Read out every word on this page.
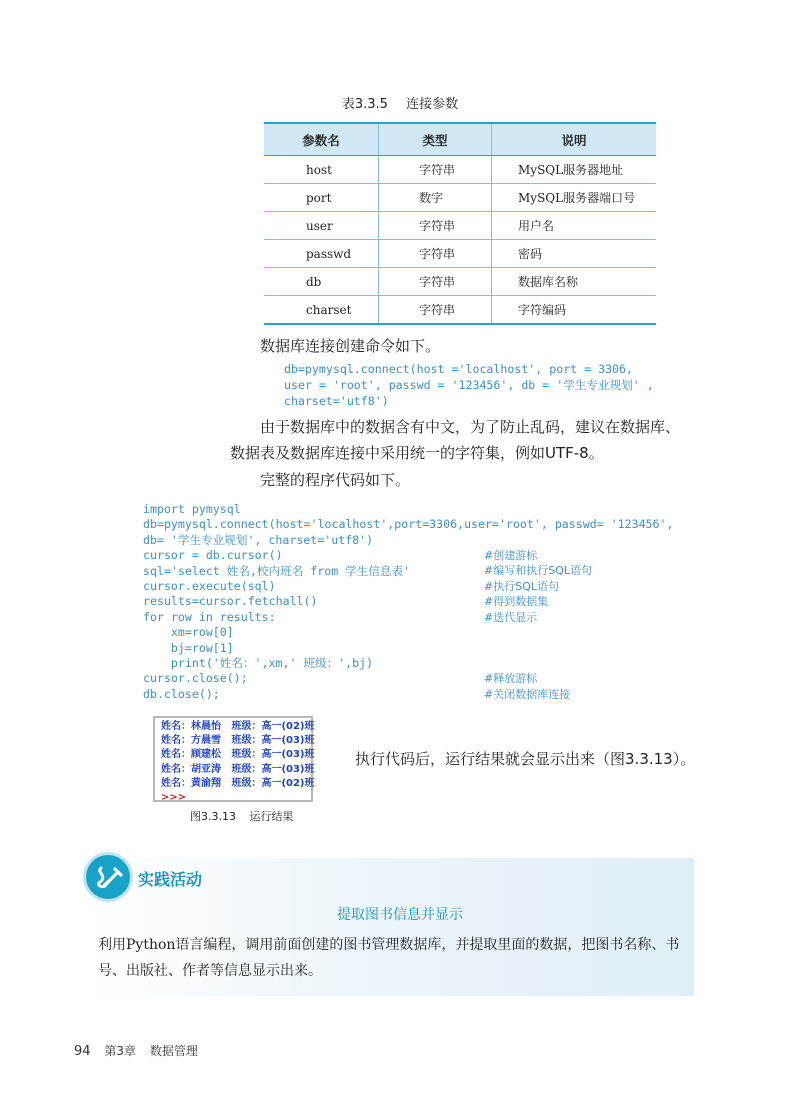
表3.3.5 连接参数
参数名	类型	说明
host	字符串	MySQL服务器地址
port	数字	MySQL服务器端口号
user	字符串	用户名
passwd	字符串	密码
db	字符串	数据库名称
charset	字符串	字符编码
数据库连接创建命令如下。
db=pymysql.connect(host ='localhost', port = 3306,
user = 'root', passwd = '123456', db = '学生专业规划' ,
charset='utf8')
由于数据库中的数据含有中文，为了防止乱码，建议在数据库、
数据表及数据库连接中采用统一的字符集，例如UTF-8。
完整的程序代码如下。
import pymysql
db=pymysql.connect(host='localhost',port=3306,user='root', passwd= '123456',
db= '学生专业规划', charset='utf8')
cursor = db.cursor()
sql='select 姓名,校内班名 from 学生信息表'
cursor.execute(sql)
results=cursor.fetchall()
for row in results:
xm=row[0]
bj=row[1]
print('姓名：',xm,' 班级：',bj)
cursor.close();
db.close();
#创建游标
#编写和执行SQL语句
#执行SQL语句
#得到数据集
#迭代显示

#释放游标
#关闭数据库连接
姓名：林晨怡   班级：高一(02)班
姓名：方晨雪   班级：高一(03)班
姓名：顾建松   班级：高一(03)班
姓名：胡亚涛   班级：高一(03)班
姓名：黄渝翔   班级：高一(02)班
>>>
执行代码后，运行结果就会显示出来（图3.3.13）。
图3.3.13 运行结果
实践活动
提取图书信息并显示
利用Python语言编程，调用前面创建的图书管理数据库，并提取里面的数据，把图书名称、书号、出版社、作者等信息显示出来。
94 第3章 数据管理
